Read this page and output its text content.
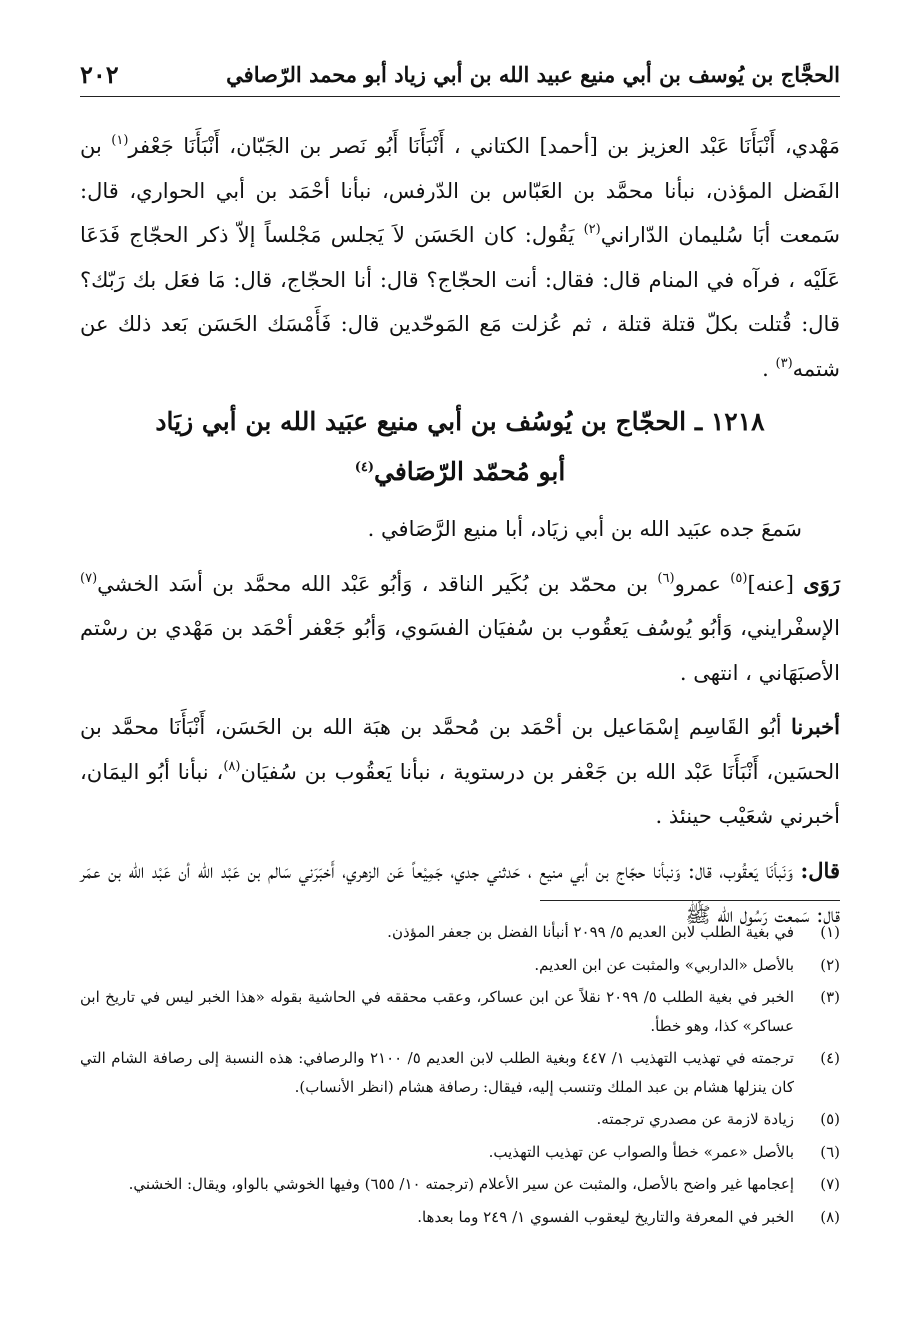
الحجَّاج بن يُوسف بن أبي منيع عبيد الله بن أبي زياد أبو محمد الرّصافي
٢٠٢

مَهْدي، أَنْبَأَنَا عَبْد العزيز بن [أحمد] الكتاني ، أَنْبَأَنَا أَبُو نَصر بن الجَبّان، أَنْبَأَنَا جَعْفر$^{(١)}$ بن الفَضل المؤذن، نبأنا محمَّد بن العَبّاس بن الدّرفس، نبأنا أحْمَد بن أبي الحواري، قال: سَمعت أبَا سُليمان الدّاراني$^{(٢)}$ يَقُول: كان الحَسَن لاَ يَجلس مَجْلساً إلاّ ذكر الحجّاج فَدَعَا عَلَيْه ، فرآه في المنام قال: فقال: أنت الحجّاج؟ قال: أنا الحجّاج، قال: مَا فعَل بك رَبّك؟ قال: قُتلت بكلّ قتلة قتلة ، ثم عُزلت مَع المَوحّدين قال: فَأَمْسَك الحَسَن بَعد ذلك عن شتمه$^{(٣)}$ .

١٢١٨ ـ الحجّاج بن يُوسُف بن أبي منيع عبَيد الله بن أبي زيَاد
أبو مُحمّد الرّصَافي$^{(٤)}$

سَمعَ جده عبَيد الله بن أبي زيَاد، أبا منيع الرَّصَافي .

رَوَى [عنه]$^{(٥)}$ عمرو$^{(٦)}$ بن محمّد بن بُكَير الناقد ، وَأبُو عَبْد الله محمَّد بن أسَد الخشي$^{(٧)}$ الإسفْرايني، وَأبُو يُوسُف يَعقُوب بن سُفيَان الفسَوي، وَأبُو جَعْفر أحْمَد بن مَهْدي بن رسْتم الأصبَهَاني ، انتهى .

أخبرنا أبُو القَاسِم إسْمَاعيل بن أحْمَد بن مُحمَّد بن هبَة الله بن الحَسَن، أَنْبَأَنَا محمَّد بن الحسَين، أَنْبَأَنَا عَبْد الله بن جَعْفر بن درستوية ، نبأنا يَعقُوب بن سُفيَان$^{(٨)}$، نبأنا أبُو اليمَان، أخبرني شعَيْب حينئذ .

قال: وَنَبأنَا يَعقُوب، قال: وَنبأنا حجّاج بن أبي منيع ، حَدثني جدي، جَمِيْعاً عَن الزهري، أَخبَرَني سَالم بن عَبْد الله أن عَبْد الله بن عمَر قال: سَمعت رَسُول الله ﷺ

(١)
في بغية الطلب لابن العديم ٥/ ٢٠٩٩ أنبأنا الفضل بن جعفر المؤذن.
(٢)
بالأصل «الداربي» والمثبت عن ابن العديم.
(٣)
الخبر في بغية الطلب ٥/ ٢٠٩٩ نقلاً عن ابن عساكر، وعقب محققه في الحاشية بقوله «هذا الخبر ليس في تاريخ ابن عساكر» كذا، وهو خطأ.
(٤)
ترجمته في تهذيب التهذيب ١/ ٤٤٧ وبغية الطلب لابن العديم ٥/ ٢١٠٠ والرصافي: هذه النسبة إلى رصافة الشام التي كان ينزلها هشام بن عبد الملك وتنسب إليه، فيقال: رصافة هشام (انظر الأنساب).
(٥)
زيادة لازمة عن مصدري ترجمته.
(٦)
بالأصل «عمر» خطأ والصواب عن تهذيب التهذيب.
(٧)
إعجامها غير واضح بالأصل، والمثبت عن سير الأعلام (ترجمته ١٠/ ٦٥٥) وفيها الخوشي بالواو، ويقال: الخشني.
(٨)
الخبر في المعرفة والتاريخ ليعقوب الفسوي ١/ ٢٤٩ وما بعدها.
